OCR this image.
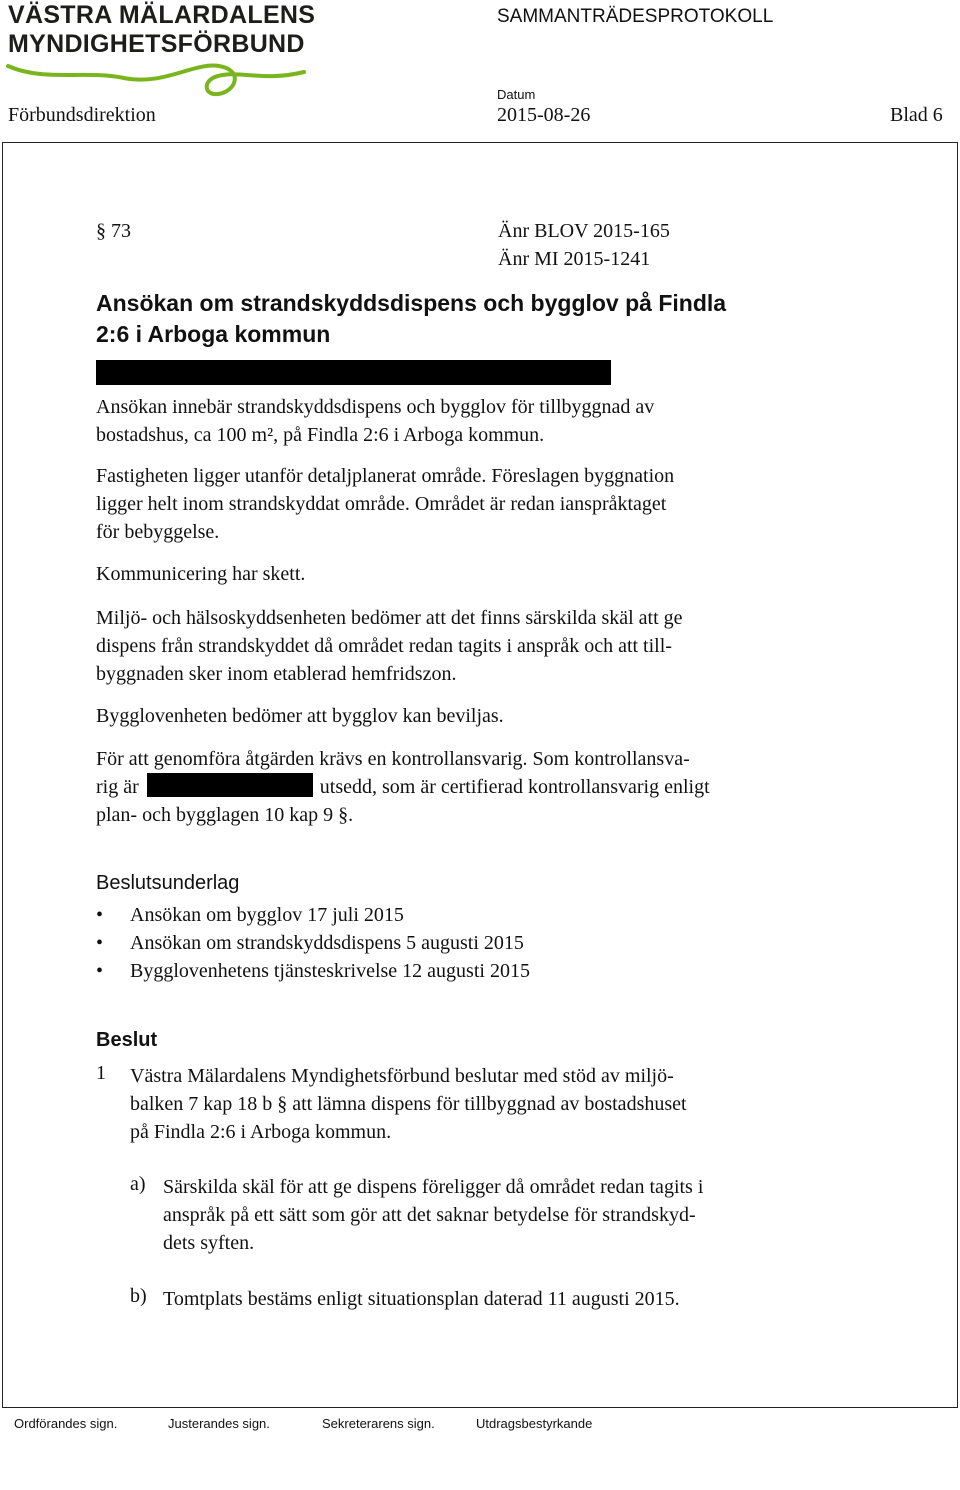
VÄSTRA MÄLARDALENS
MYNDIGHETSFÖRBUND
SAMMANTRÄDESPROTOKOLL
Förbundsdirektion
Datum
2015-08-26	Blad 6
§ 73	Änr BLOV 2015-165
Änr MI 2015-1241
Ansökan om strandskyddsdispens och bygglov på Findla
2:6 i Arboga kommun
Ansökan innebär strandskyddsdispens och bygglov för tillbyggnad av
bostadshus, ca 100 m², på Findla 2:6 i Arboga kommun.
Fastigheten ligger utanför detaljplanerat område. Föreslagen byggnation
ligger helt inom strandskyddat område. Området är redan ianspråktaget
för bebyggelse.
Kommunicering har skett.
Miljö- och hälsoskyddsenheten bedömer att det finns särskilda skäl att ge
dispens från strandskyddet då området redan tagits i anspråk och att till-
byggnaden sker inom etablerad hemfridszon.
Bygglovenheten bedömer att bygglov kan beviljas.
För att genomföra åtgärden krävs en kontrollansvarig. Som kontrollansva-
rig är	utsedd, som är certifierad kontrollansvarig enligt
plan- och bygglagen 10 kap 9 §.
Beslutsunderlag
• Ansökan om bygglov 17 juli 2015
• Ansökan om strandskyddsdispens 5 augusti 2015
• Bygglovenhetens tjänsteskrivelse 12 augusti 2015
Beslut
1 Västra Mälardalens Myndighetsförbund beslutar med stöd av miljö-
balken 7 kap 18 b § att lämna dispens för tillbyggnad av bostadshuset
på Findla 2:6 i Arboga kommun.
a) Särskilda skäl för att ge dispens föreligger då området redan tagits i
anspråk på ett sätt som gör att det saknar betydelse för strandskyd-
dets syften.
b) Tomtplats bestäms enligt situationsplan daterad 11 augusti 2015.
Ordförandes sign.	Justerandes sign.	Sekreterarens sign.	Utdragsbestyrkande
